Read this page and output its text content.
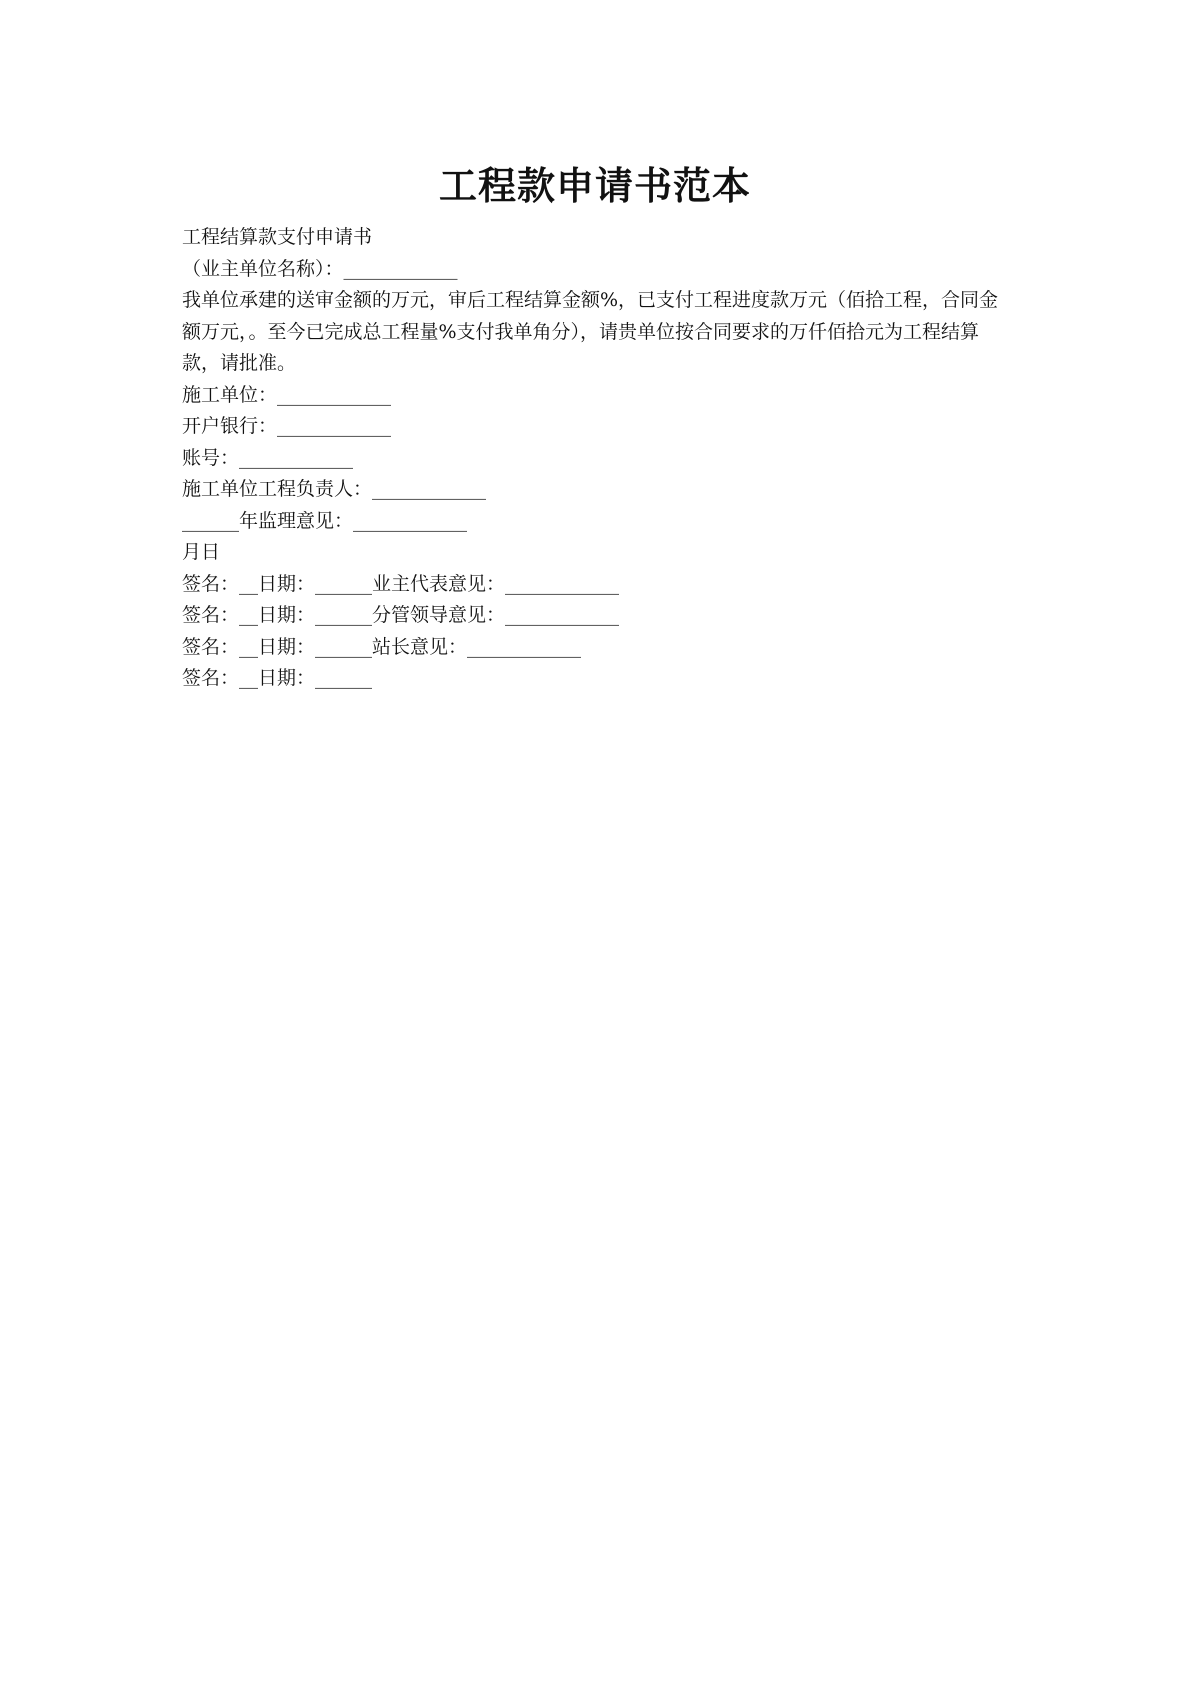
工程款申请书范本
工程结算款支付申请书
（业主单位名称）：____________
我单位承建的送审金额的万元，审后工程结算金额%，已支付工程进度款万元（佰拾工程，合同金额万元，。至今已完成总工程量%支付我单角分），请贵单位按合同要求的万仟佰拾元为工程结算款，请批准。
施工单位：____________
开户银行：____________
账号：____________
施工单位工程负责人：____________
______年监理意见：____________
月日
签名：__日期：______业主代表意见：____________
签名：__日期：______分管领导意见：____________
签名：__日期：______站长意见：____________
签名：__日期：______
